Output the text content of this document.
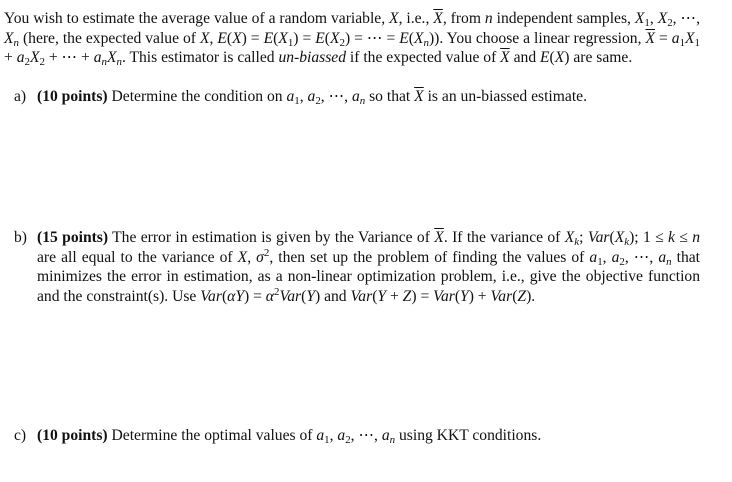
You wish to estimate the average value of a random variable, X, i.e., $\overline{X}$, from n independent samples, $X_1$, $X_2$, ⋯, $X_n$ (here, the expected value of X, $E(X) = E(X_1) = E(X_2)$ = ⋯ = $E(X_n)$). You choose a linear regression, $\overline{X} = a_1X_1 + a_2X_2$ + ⋯ + $a_nX_n$. This estimator is called un-biassed if the expected value of $\overline{X}$ and E(X) are same.
a) (10 points) Determine the condition on $a_1$, $a_2$, ⋯, $a_n$ so that $\overline{X}$ is an un-biassed estimate.
b) (15 points) The error in estimation is given by the Variance of $\overline{X}$. If the variance of $X_k$; $Var(X_k)$; 1 ≤ k ≤ n are all equal to the variance of X, $\sigma^2$, then set up the problem of finding the values of $a_1$, $a_2$, ⋯, $a_n$ that minimizes the error in estimation, as a non-linear optimization problem, i.e., give the objective function and the constraint(s). Use $Var(\alpha Y) = \alpha^2Var(Y)$ and Var(Y + Z) = Var(Y) + Var(Z).
c) (10 points) Determine the optimal values of $a_1$, $a_2$, ⋯, $a_n$ using KKT conditions.
